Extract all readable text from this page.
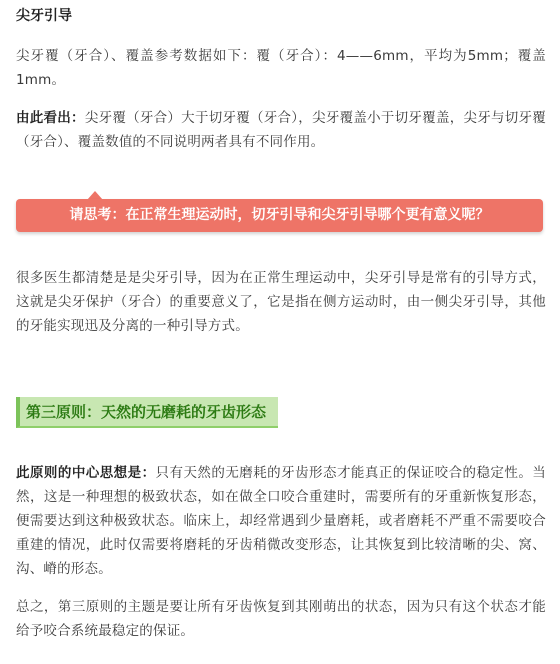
尖牙引导

尖牙覆（牙合）、覆盖参考数据如下：覆（牙合）：4——6mm，平均为5mm；覆盖1mm。

由此看出：尖牙覆（牙合）大于切牙覆（牙合），尖牙覆盖小于切牙覆盖，尖牙与切牙覆（牙合）、覆盖数值的不同说明两者具有不同作用。

请思考：在正常生理运动时，切牙引导和尖牙引导哪个更有意义呢？

很多医生都清楚是是尖牙引导，因为在正常生理运动中，尖牙引导是常有的引导方式，这就是尖牙保护（牙合）的重要意义了，它是指在侧方运动时，由一侧尖牙引导，其他的牙能实现迅及分离的一种引导方式。

第三原则：天然的无磨耗的牙齿形态

此原则的中心思想是：只有天然的无磨耗的牙齿形态才能真正的保证咬合的稳定性。当然，这是一种理想的极致状态，如在做全口咬合重建时，需要所有的牙重新恢复形态，便需要达到这种极致状态。临床上，却经常遇到少量磨耗，或者磨耗不严重不需要咬合重建的情况，此时仅需要将磨耗的牙齿稍微改变形态，让其恢复到比较清晰的尖、窝、沟、嵴的形态。

总之，第三原则的主题是要让所有牙齿恢复到其刚萌出的状态，因为只有这个状态才能给予咬合系统最稳定的保证。
